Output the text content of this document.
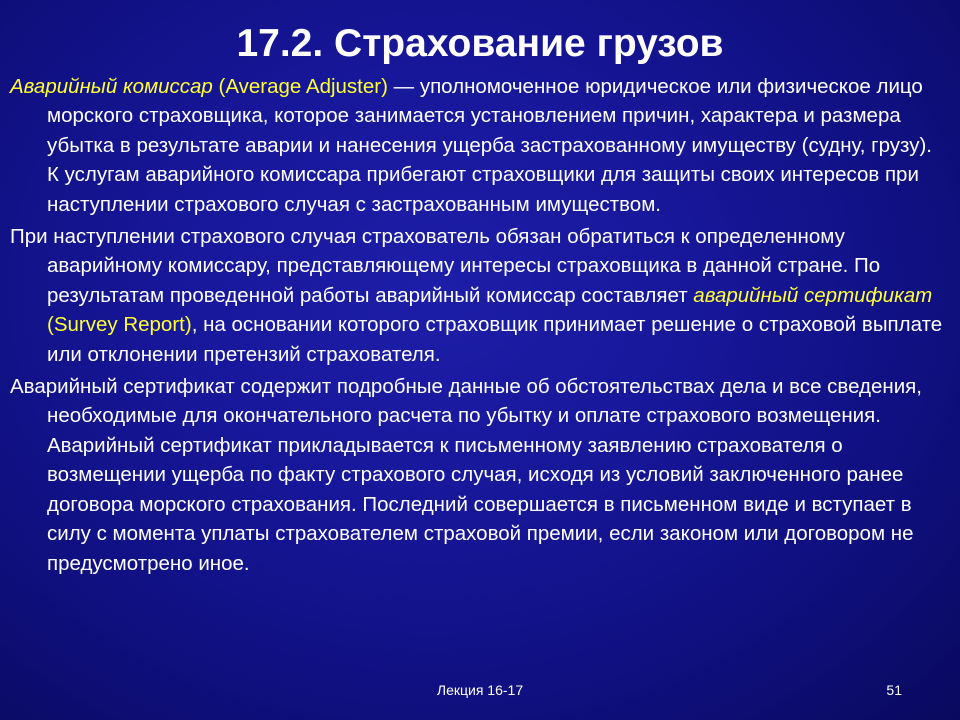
17.2. Страхование грузов

Аварийный комиссар (Average Adjuster) — уполномоченное юридическое или физическое лицо морского страховщика, которое занимается установлением причин, характера и размера убытка в результате аварии и нанесения ущерба застрахованному имуществу (судну, грузу). К услугам аварийного комиссара прибегают страховщики для защиты своих интересов при наступлении страхового случая с застрахованным имуществом.

При наступлении страхового случая страхователь обязан обратиться к определенному аварийному комиссару, представляющему интересы страховщика в данной стране. По результатам проведенной работы аварийный комиссар составляет аварийный сертификат (Survey Report), на основании которого страховщик принимает решение о страховой выплате или отклонении претензий страхователя.

Аварийный сертификат содержит подробные данные об обстоятельствах дела и все сведения, необходимые для окончательного расчета по убытку и оплате страхового возмещения. Аварийный сертификат прикладывается к письменному заявлению страхователя о возмещении ущерба по факту страхового случая, исходя из условий заключенного ранее договора морского страхования. Последний совершается в письменном виде и вступает в силу с момента уплаты страхователем страховой премии, если законом или договором не предусмотрено иное.

Лекция 16-17	51
